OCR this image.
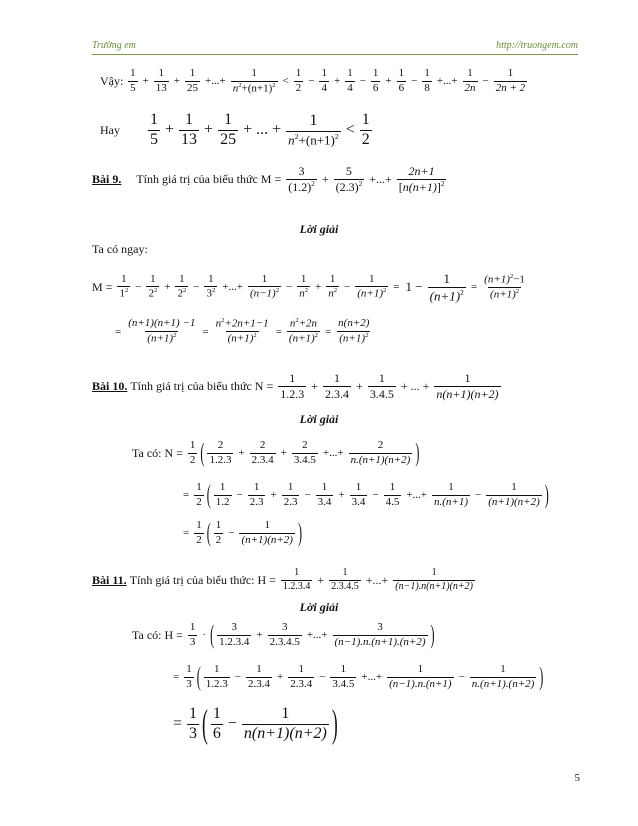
Trường em	http://truongem.com
Vậy:

1
5
+ $\frac{1}{13} + \frac{1}{25}$ +...+ $\frac{1}{n^2+(n+1)^2}$ <
1
2
− $\frac{1}{4} + \frac{1}{4} - \frac{1}{6} + \frac{1}{6} - \frac{1}{8}$ +...+ $\frac{1}{2n} - \frac{1}{2n + 2}$
Hay
1
5
+ $\frac{1}{13} + \frac{1}{25}$ + ... +
1
$n^2+(n+1)^2$ <
1
2
Bài 9.
Tính giá trị của biểu thức M =
$\frac{3}{(1.2)^2} + \frac{5}{(2.3)^2}$ +...+ $\frac{2n+1}{[n(n+1)]^2}$
Lời giải
Ta có ngay:
$M = \frac{1}{1^2} - \frac{1}{2^2} + \frac{1}{2^2} - \frac{1}{3^2}$ +...+ $\frac{1}{(n-1)^2} - \frac{1}{n^2} + \frac{1}{n^2} - \frac{1}{(n+1)^2} = 1 - \frac{1}{(n+1)^2} = \frac{(n+1)^2-1}{(n+1)^2}$
= $\frac{(n+1)(n+1) -1}{(n+1)^2} = \frac{n^2+2n+1-1}{(n+1)^2} = \frac{n^2+2n}{(n+1)^2} = \frac{n(n+2)}{(n+1)^2}$
Bài 10.
Tính giá trị của biểu thức N =
$\frac{1}{1.2.3} + \frac{1}{2.3.4} + \frac{1}{3.4.5}$ + ... + $\frac{1}{n(n+1)(n+2)}$
Lời giải
Ta có: $N = \frac{1}{2}$ ( 2
1.2.3
+ $\frac{2}{2.3.4} + \frac{2}{3.4.5}$ +...+ $\frac{2}{n.(n+1)(n+2)}$ )
= $\frac{1}{2}$ ( 1
1.2
− $\frac{1}{2.3} + \frac{1}{2.3} - \frac{1}{3.4} + \frac{1}{3.4} - \frac{1}{4.5}$ +...+ $\frac{1}{n.(n+1)} - \frac{1}{(n+1)(n+2)}$ )
= $\frac{1}{2}$ ( 1
2
− $\frac{1}{(n+1)(n+2)}$ )
Bài 11.
Tính giá trị của biểu thức: H =
$\frac{1}{1.2.3.4} + \frac{1}{2.3.4.5}$ +...+ $\frac{1}{(n-1).n(n+1)(n+2)}$
Lời giải
Ta có: $H = \frac{1}{3}$ · ( 3
1.2.3.4
+ $\frac{3}{2.3.4.5}$ +...+ $\frac{3}{(n-1).n.(n+1).(n+2)}$ )
= $\frac{1}{3}$ ( 1
1.2.3
− $\frac{1}{2.3.4} + \frac{1}{2.3.4} - \frac{1}{3.4.5}$ +...+ $\frac{1}{(n-1).n.(n+1)} - \frac{1}{n.(n+1).(n+2)}$ )
= $\frac{1}{3}$ ( 1
6
− $\frac{1}{n(n+1)(n+2)}$ )
5
